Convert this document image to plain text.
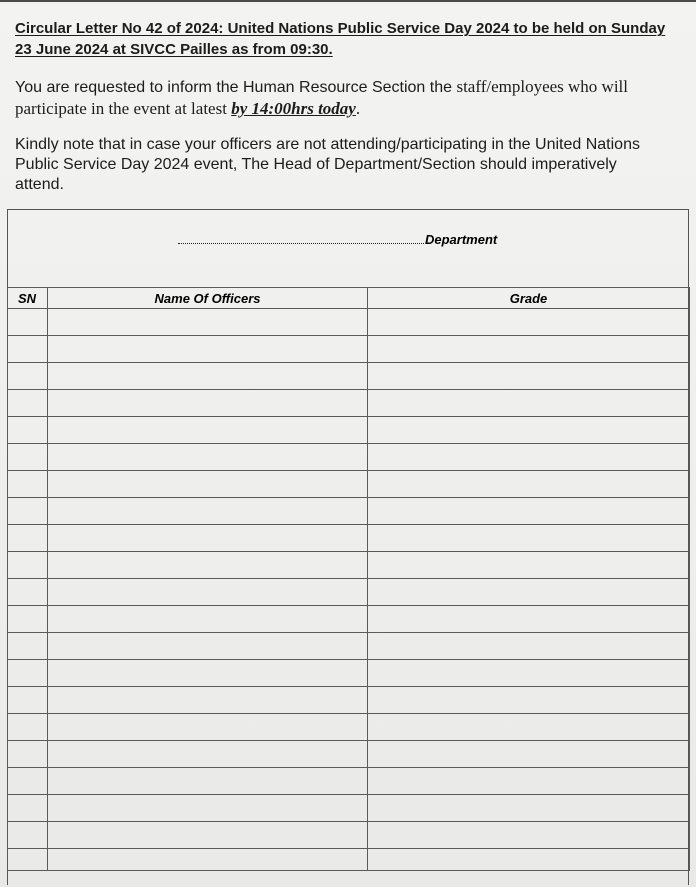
Circular Letter No 42 of 2024: United Nations Public Service Day 2024 to be held on Sunday
23 June 2024 at SIVCC Pailles as from 09:30.

You are requested to inform the Human Resource Section the staff/employees who will
participate in the event at latest by 14:00hrs today.

Kindly note that in case your officers are not attending/participating in the United Nations
Public Service Day 2024 event, The Head of Department/Section should imperatively
attend.

Department
SN	Name Of Officers	Grade
